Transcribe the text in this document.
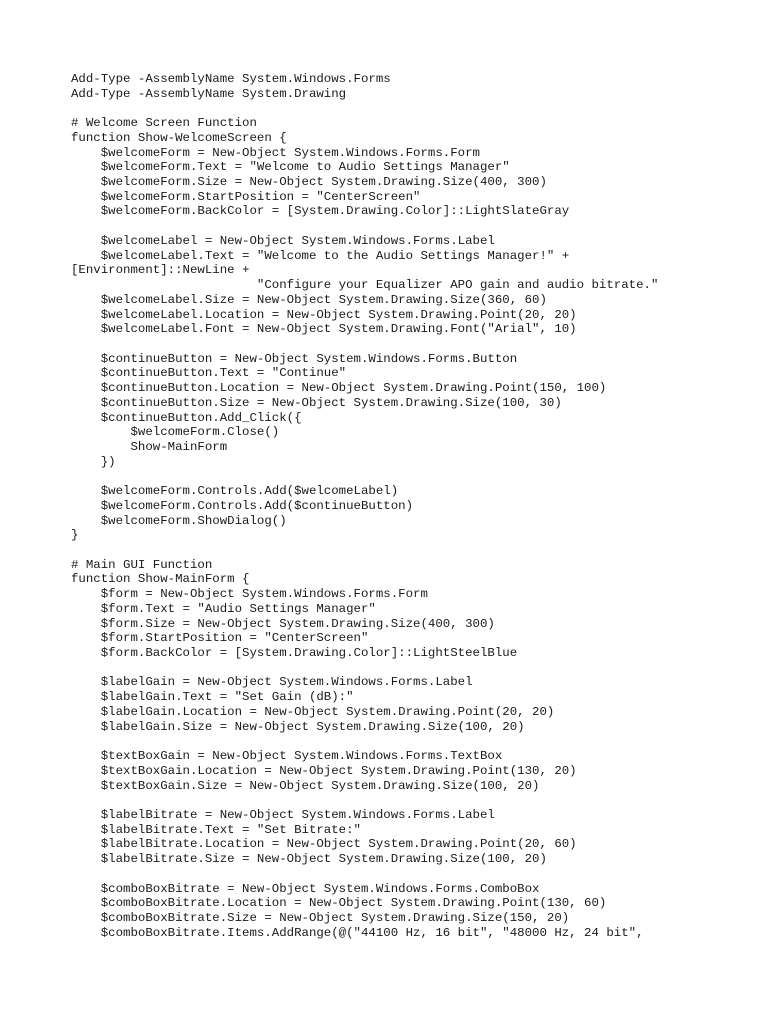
Add-Type -AssemblyName System.Windows.Forms
Add-Type -AssemblyName System.Drawing
# Welcome Screen Function
function Show-WelcomeScreen {
$welcomeForm = New-Object System.Windows.Forms.Form
$welcomeForm.Text = "Welcome to Audio Settings Manager"
$welcomeForm.Size = New-Object System.Drawing.Size(400, 300)
$welcomeForm.StartPosition = "CenterScreen"
$welcomeForm.BackColor = [System.Drawing.Color]::LightSlateGray
$welcomeLabel = New-Object System.Windows.Forms.Label
$welcomeLabel.Text = "Welcome to the Audio Settings Manager!" +
[Environment]::NewLine +
"Configure your Equalizer APO gain and audio bitrate."
$welcomeLabel.Size = New-Object System.Drawing.Size(360, 60)
$welcomeLabel.Location = New-Object System.Drawing.Point(20, 20)
$welcomeLabel.Font = New-Object System.Drawing.Font("Arial", 10)
$continueButton = New-Object System.Windows.Forms.Button
$continueButton.Text = "Continue"
$continueButton.Location = New-Object System.Drawing.Point(150, 100)
$continueButton.Size = New-Object System.Drawing.Size(100, 30)
$continueButton.Add_Click({
$welcomeForm.Close()
Show-MainForm
})
$welcomeForm.Controls.Add($welcomeLabel)
$welcomeForm.Controls.Add($continueButton)
$welcomeForm.ShowDialog()
}
# Main GUI Function
function Show-MainForm {
$form = New-Object System.Windows.Forms.Form
$form.Text = "Audio Settings Manager"
$form.Size = New-Object System.Drawing.Size(400, 300)
$form.StartPosition = "CenterScreen"
$form.BackColor = [System.Drawing.Color]::LightSteelBlue
$labelGain = New-Object System.Windows.Forms.Label
$labelGain.Text = "Set Gain (dB):"
$labelGain.Location = New-Object System.Drawing.Point(20, 20)
$labelGain.Size = New-Object System.Drawing.Size(100, 20)
$textBoxGain = New-Object System.Windows.Forms.TextBox
$textBoxGain.Location = New-Object System.Drawing.Point(130, 20)
$textBoxGain.Size = New-Object System.Drawing.Size(100, 20)
$labelBitrate = New-Object System.Windows.Forms.Label
$labelBitrate.Text = "Set Bitrate:"
$labelBitrate.Location = New-Object System.Drawing.Point(20, 60)
$labelBitrate.Size = New-Object System.Drawing.Size(100, 20)
$comboBoxBitrate = New-Object System.Windows.Forms.ComboBox
$comboBoxBitrate.Location = New-Object System.Drawing.Point(130, 60)
$comboBoxBitrate.Size = New-Object System.Drawing.Size(150, 20)
$comboBoxBitrate.Items.AddRange(@("44100 Hz, 16 bit", "48000 Hz, 24 bit",
